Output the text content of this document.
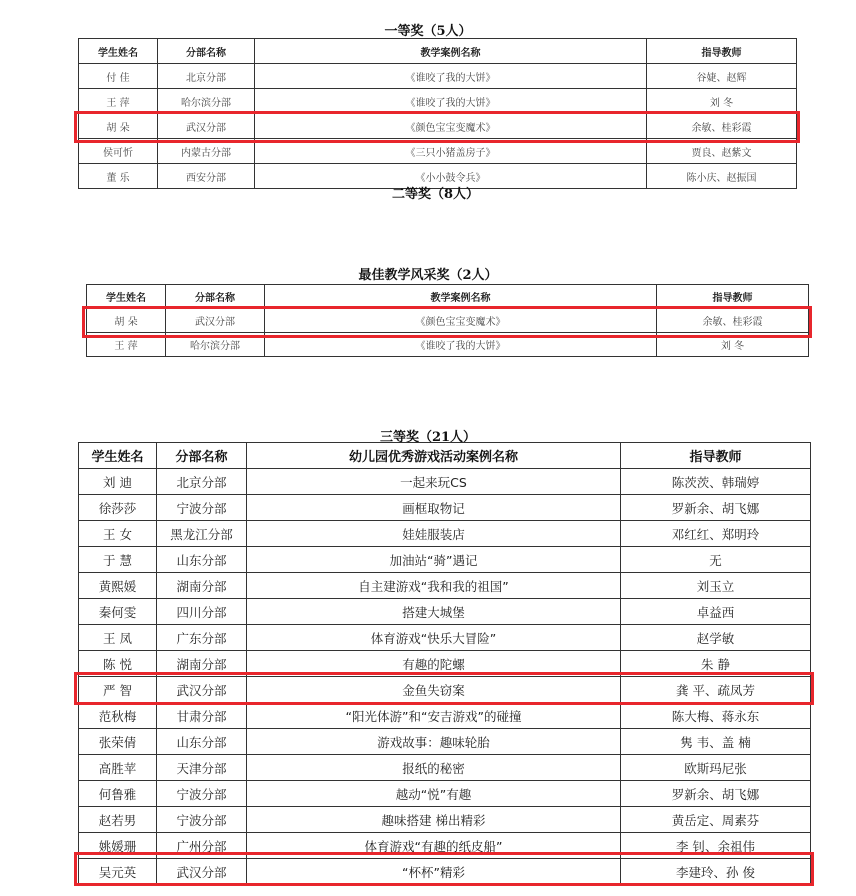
一等奖（5人）
学生姓名	分部名称	教学案例名称	指导教师
付 佳	北京分部	《谁咬了我的大饼》	谷婕、赵辉
王 萍	哈尔滨分部	《谁咬了我的大饼》	刘 冬
胡 朵	武汉分部	《颜色宝宝变魔术》	余敏、桂彩霞
侯可忻	内蒙古分部	《三只小猪盖房子》	贾良、赵紫文
董 乐	西安分部	《小小鼓令兵》	陈小庆、赵振国
二等奖（8人）
最佳教学风采奖（2人）
学生姓名	分部名称	教学案例名称	指导教师
胡 朵	武汉分部	《颜色宝宝变魔术》	余敏、桂彩霞
王 萍	哈尔滨分部	《谁咬了我的大饼》	刘 冬
三等奖（21人）
学生姓名	分部名称	幼儿园优秀游戏活动案例名称	指导教师
刘 迪	北京分部	一起来玩CS	陈茨茨、韩瑞婷
徐莎莎	宁波分部	画框取物记	罗新余、胡飞娜
王 女	黑龙江分部	娃娃服装店	邓红红、郑明玲
于 慧	山东分部	加油站“骑”遇记	无
黄熙媛	湖南分部	自主建游戏“我和我的祖国”	刘玉立
秦何雯	四川分部	搭建大城堡	卓益西
王 凤	广东分部	体育游戏“快乐大冒险”	赵学敏
陈 悦	湖南分部	有趣的陀螺	朱 静
严 智	武汉分部	金鱼失窃案	龚 平、疏凤芳
范秋梅	甘肃分部	“阳光体游”和“安吉游戏”的碰撞	陈大梅、蒋永东
张荣倩	山东分部	游戏故事：趣味轮胎	隽 韦、盖 楠
高胜苹	天津分部	报纸的秘密	欧斯玛尼张
何鲁雅	宁波分部	越动“悦”有趣	罗新余、胡飞娜
赵若男	宁波分部	趣味搭建 梯出精彩	黄岳定、周素芬
姚媛珊	广州分部	体育游戏“有趣的纸皮船”	李 钊、余祖伟
吴元英	武汉分部	“杯杯”精彩	李建玲、孙 俊
